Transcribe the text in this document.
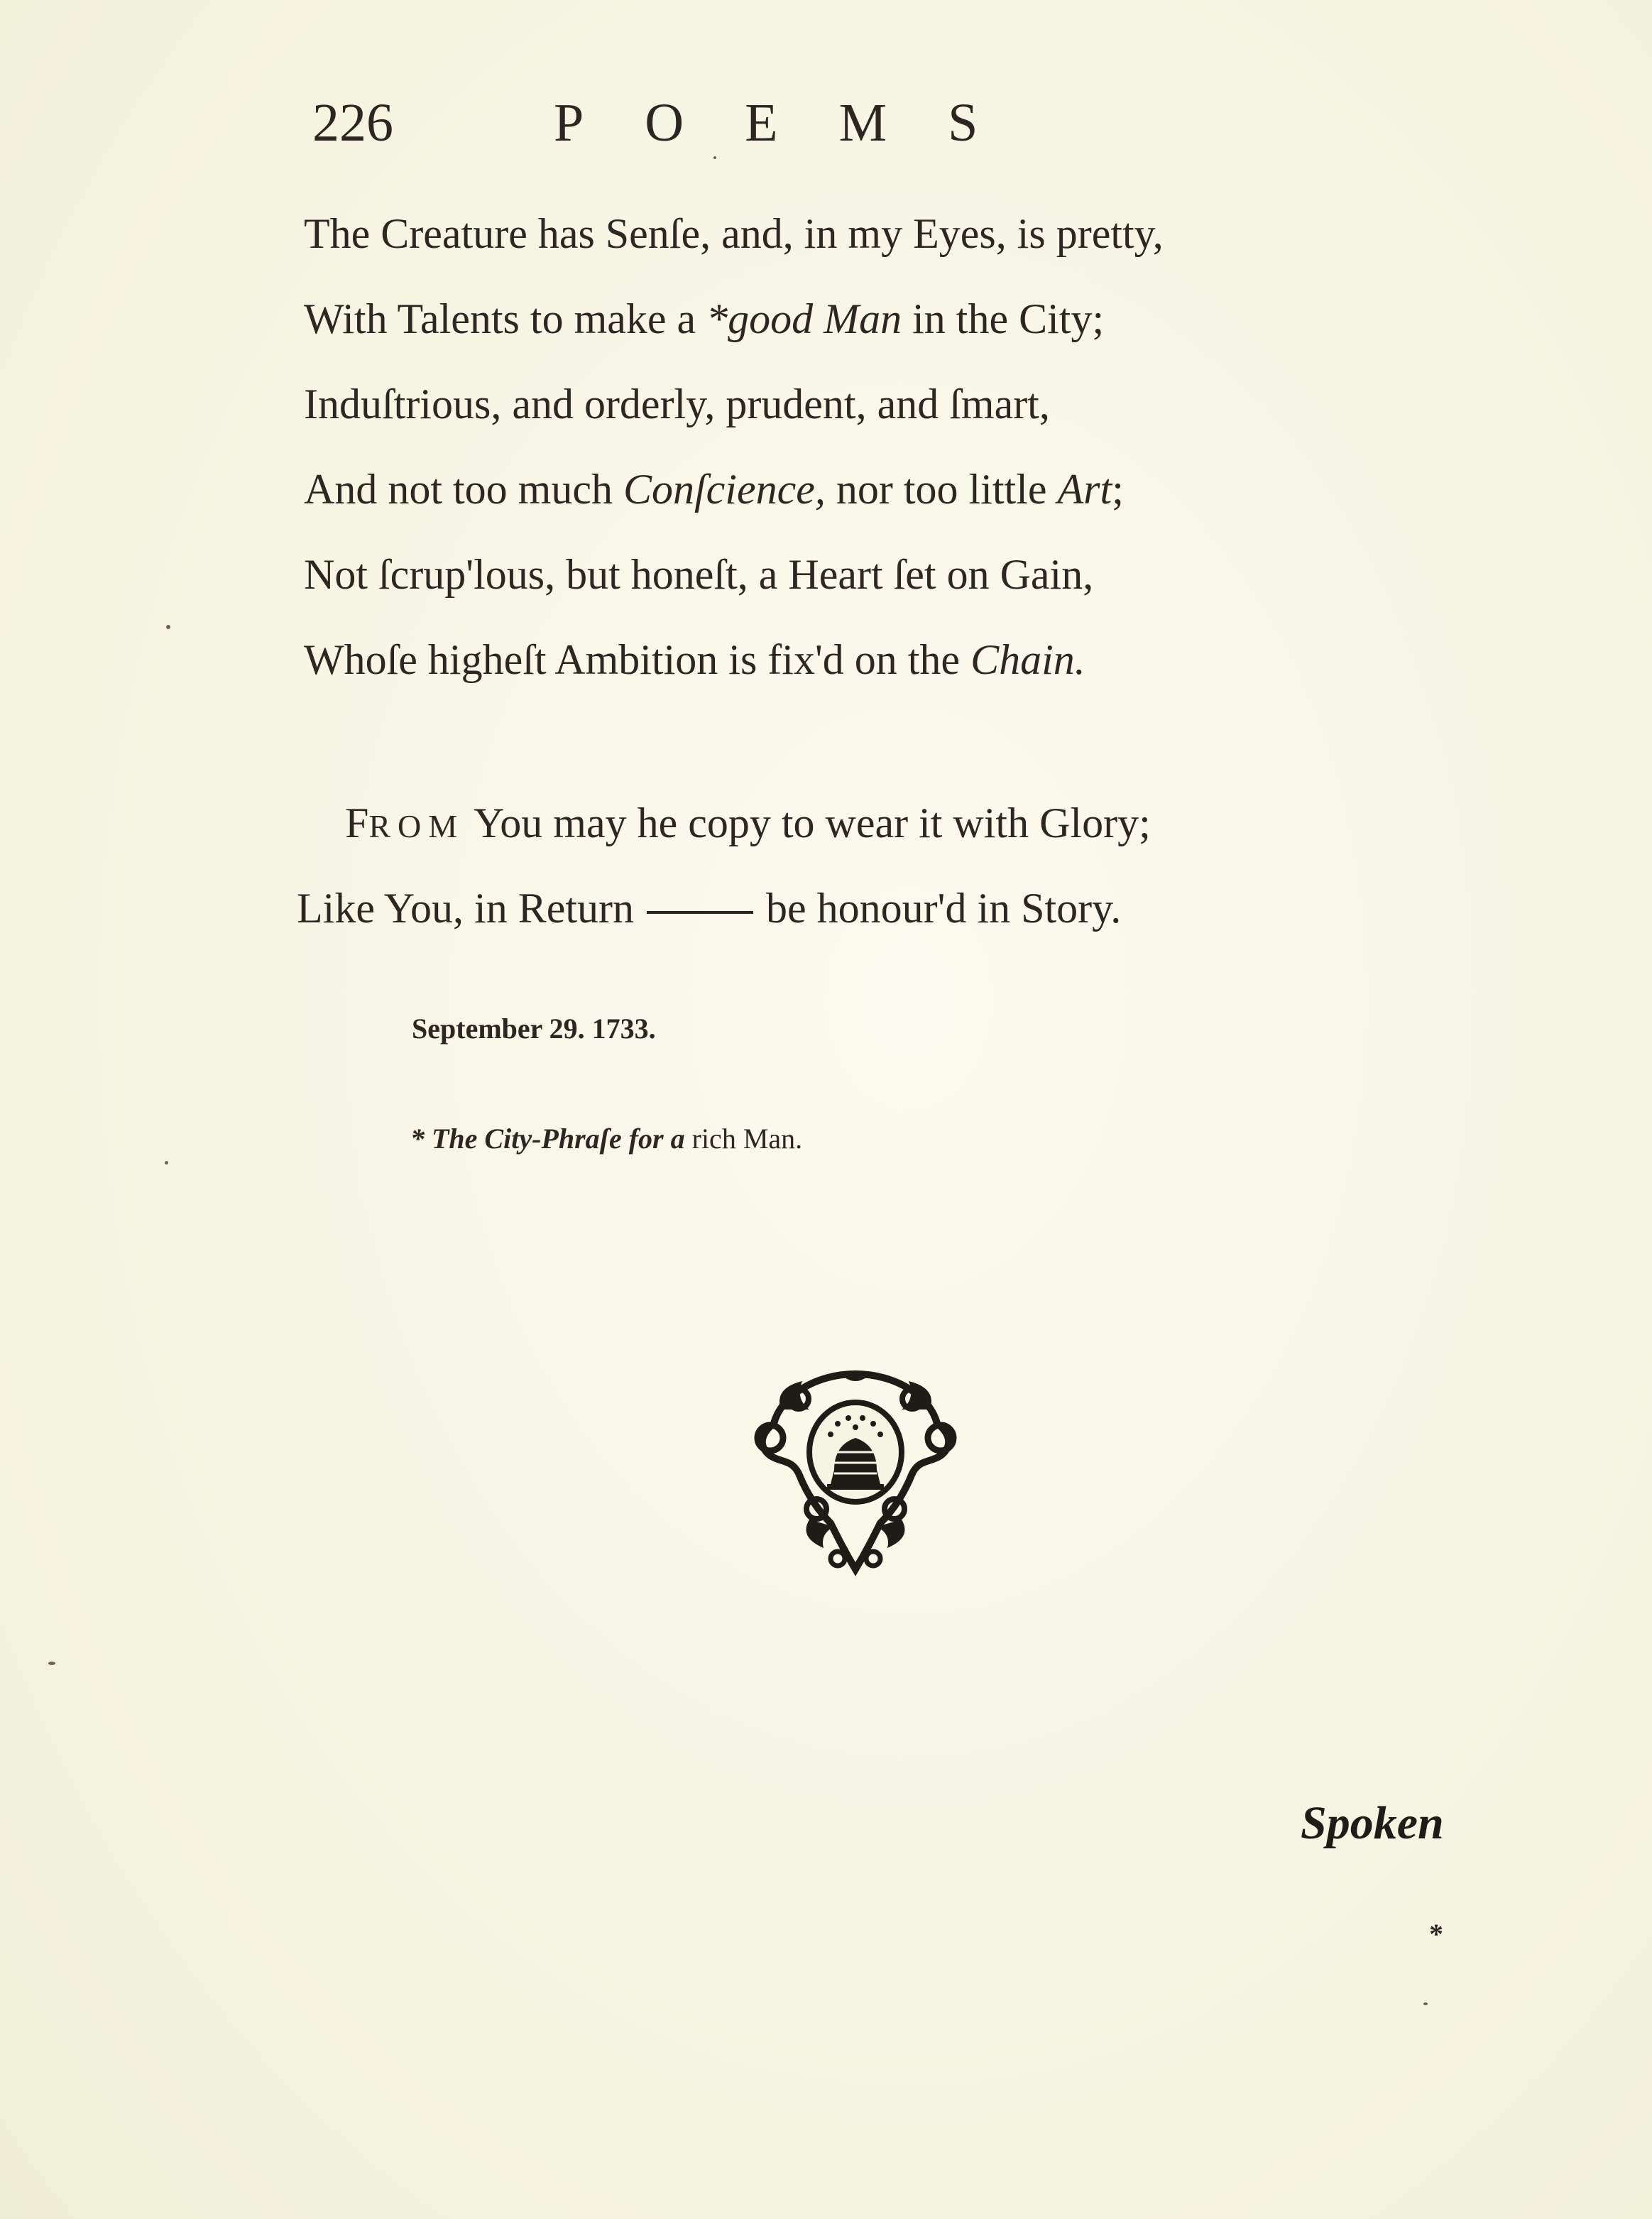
226	POEMS
The Creature has Senſe, and, in my Eyes, is pretty,
With Talents to make a *good Man in the City;
Induſtrious, and orderly, prudent, and ſmart,
And not too much Conſcience, nor too little Art;
Not ſcrup'lous, but honeſt, a Heart ſet on Gain,
Whoſe higheſt Ambition is fix'd on the Chain.
FROM You may he copy to wear it with Glory;
Like You, in Return	be honour'd in Story.
September 29. 1733.
* The City-Phraſe for a rich Man.
Spoken
*
